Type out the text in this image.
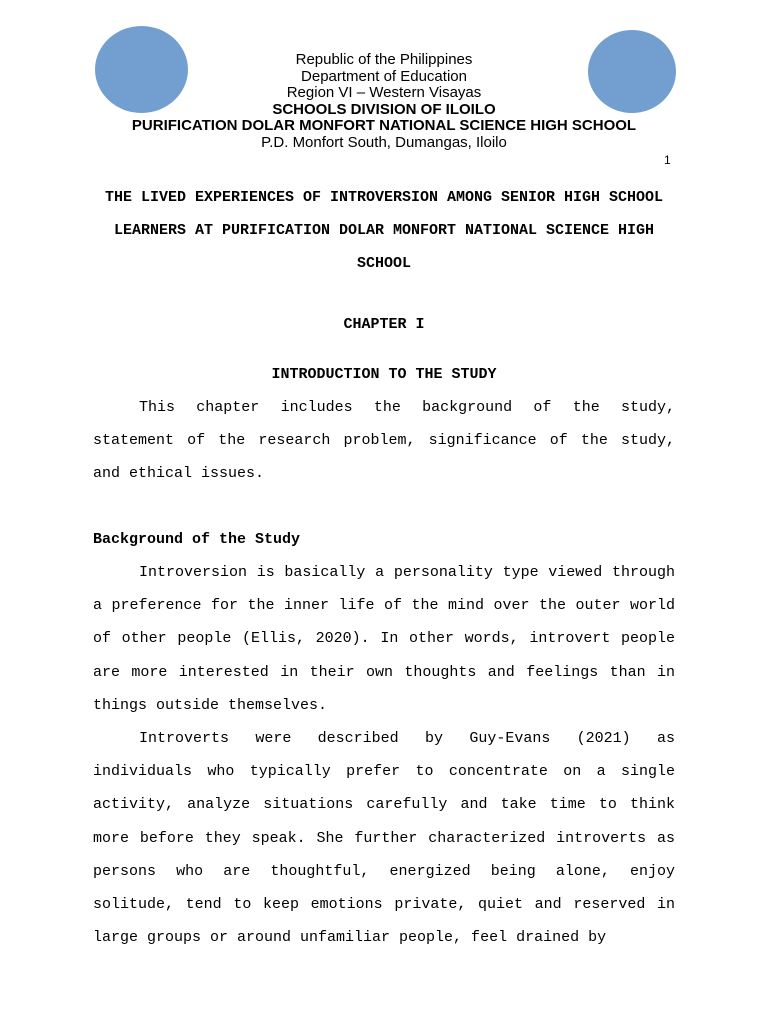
Republic of the Philippines
Department of Education
Region VI – Western Visayas
SCHOOLS DIVISION OF ILOILO
PURIFICATION DOLAR MONFORT NATIONAL SCIENCE HIGH SCHOOL
P.D. Monfort South, Dumangas, Iloilo
1
THE LIVED EXPERIENCES OF INTROVERSION AMONG SENIOR HIGH SCHOOL LEARNERS AT PURIFICATION DOLAR MONFORT NATIONAL SCIENCE HIGH SCHOOL
CHAPTER I
INTRODUCTION TO THE STUDY

This chapter includes the background of the study, statement of the research problem, significance of the study, and ethical issues.

Background of the Study

Introversion is basically a personality type viewed through a preference for the inner life of the mind over the outer world of other people (Ellis, 2020). In other words, introvert people are more interested in their own thoughts and feelings than in things outside themselves.

Introverts were described by Guy-Evans (2021) as individuals who typically prefer to concentrate on a single activity, analyze situations carefully and take time to think more before they speak. She further characterized introverts as persons who are thoughtful, energized being alone, enjoy solitude, tend to keep emotions private, quiet and reserved in large groups or around unfamiliar people, feel drained by
